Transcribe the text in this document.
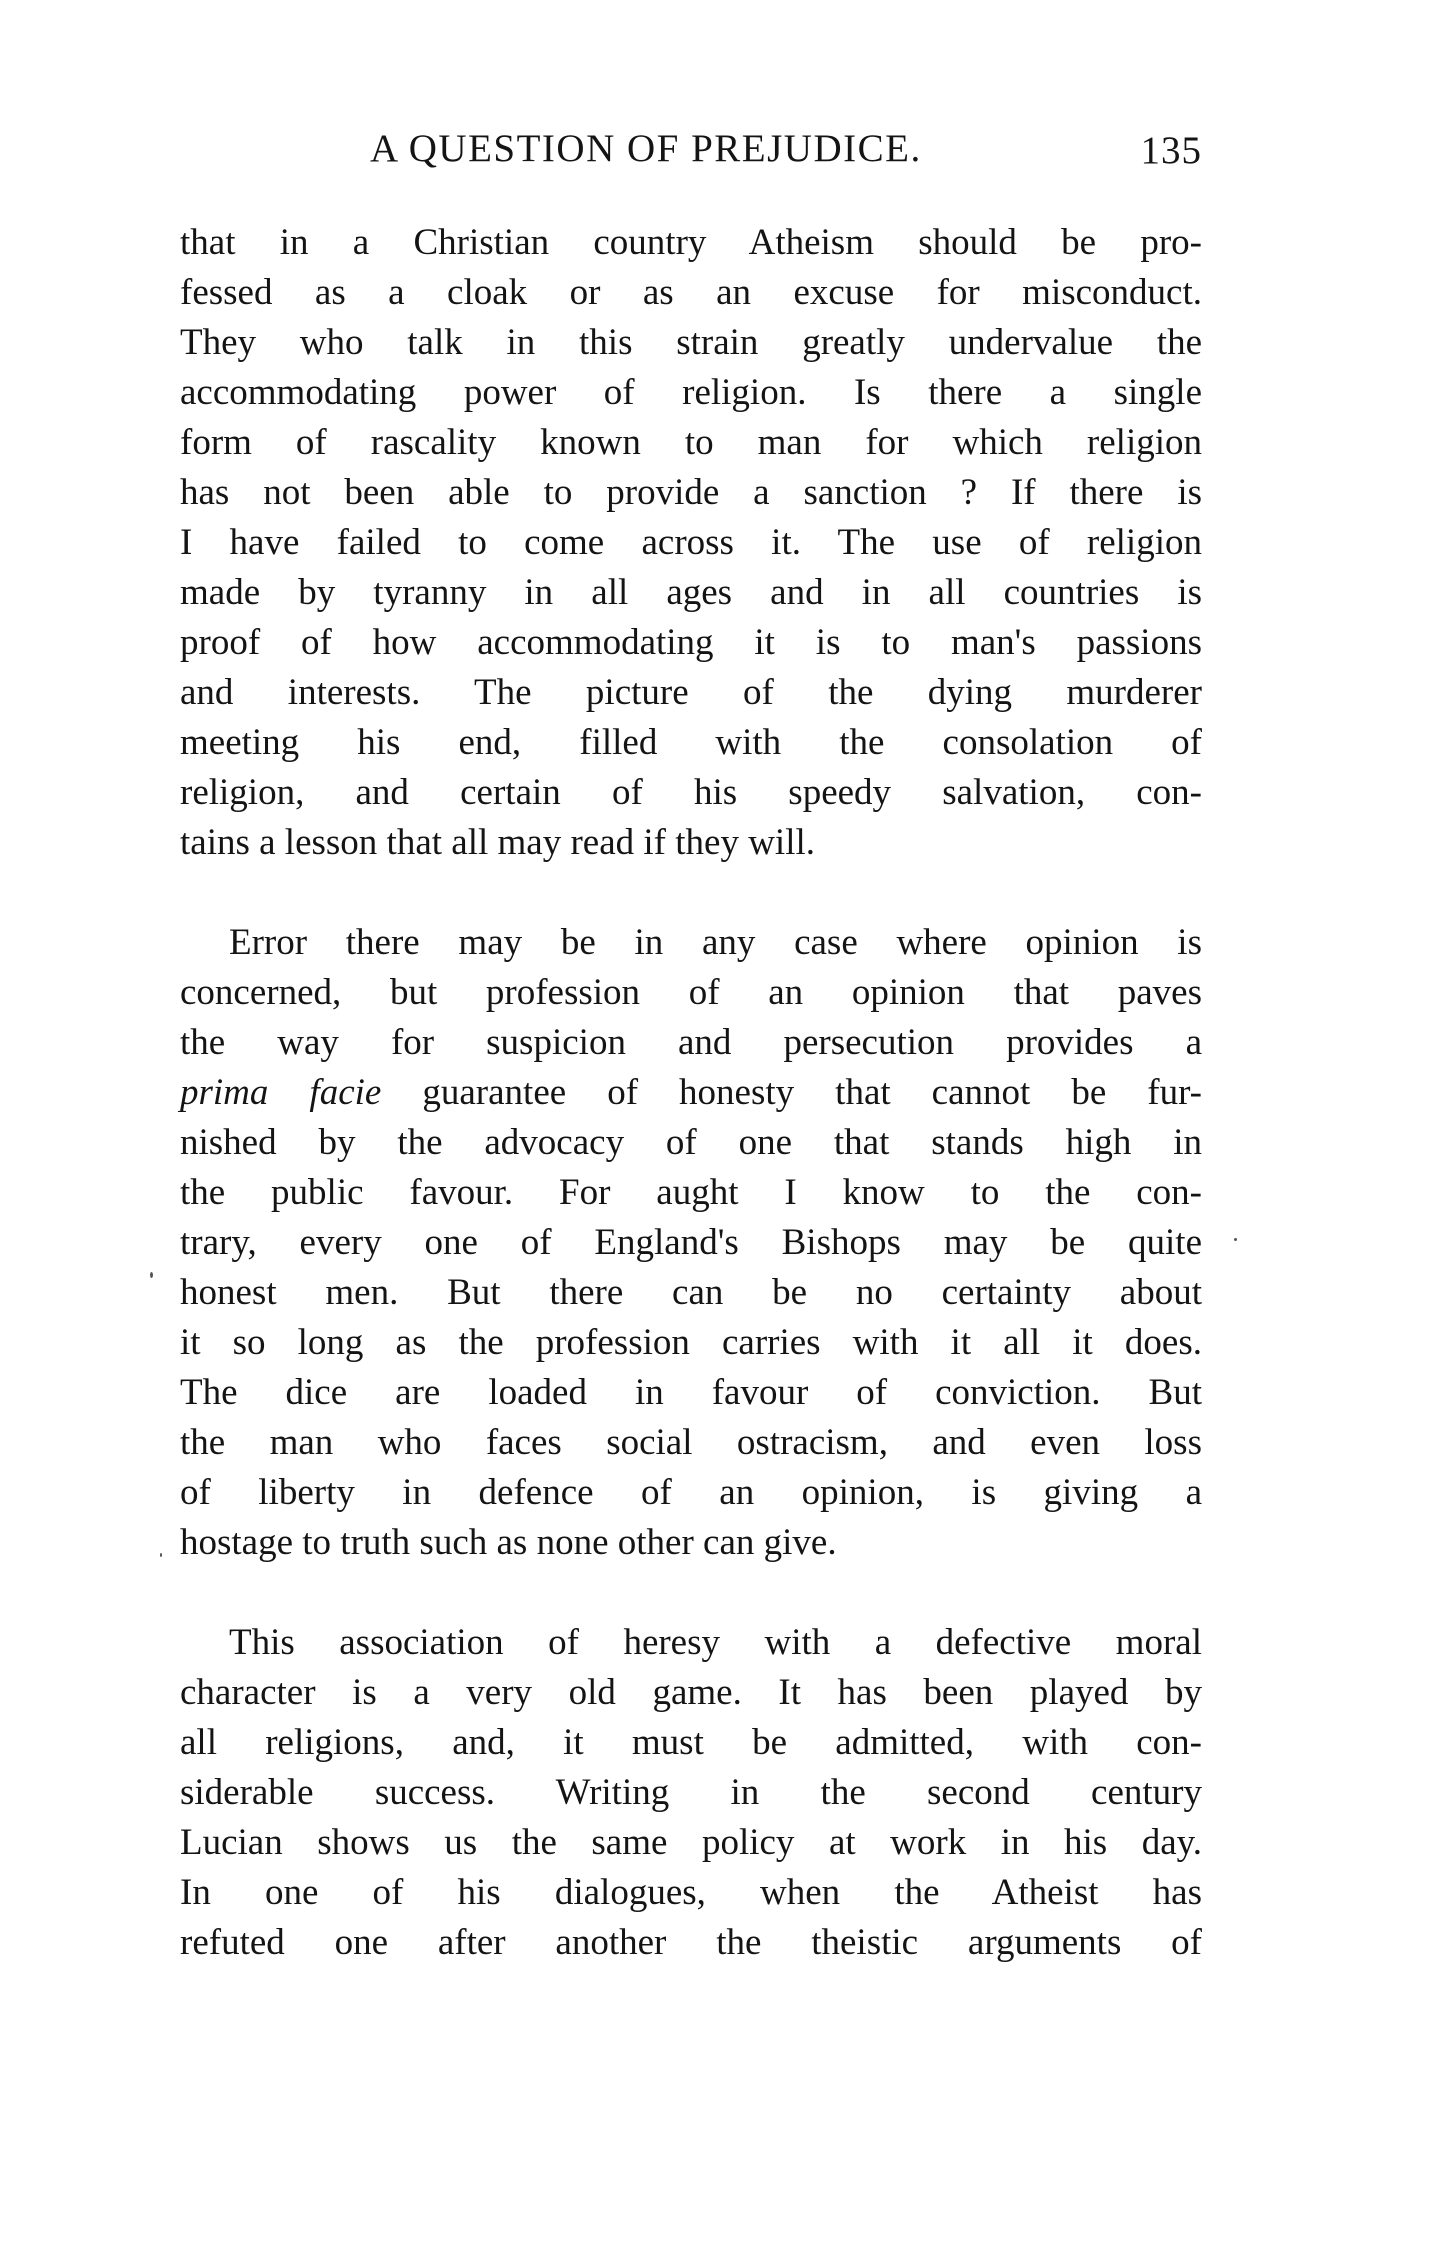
A QUESTION OF PREJUDICE.	135

that in a Christian country Atheism should be pro-
fessed as a cloak or as an excuse for misconduct.
They who talk in this strain greatly undervalue the
accommodating power of religion. Is there a single
form of rascality known to man for which religion
has not been able to provide a sanction ? If there is
I have failed to come across it. The use of religion
made by tyranny in all ages and in all countries is
proof of how accommodating it is to man's passions
and interests. The picture of the dying murderer
meeting his end, filled with the consolation of
religion, and certain of his speedy salvation, con-
tains a lesson that all may read if they will.

Error there may be in any case where opinion is
concerned, but profession of an opinion that paves
the way for suspicion and persecution provides a
prima facie guarantee of honesty that cannot be fur-
nished by the advocacy of one that stands high in
the public favour. For aught I know to the con-
trary, every one of England's Bishops may be quite
honest men. But there can be no certainty about
it so long as the profession carries with it all it does.
The dice are loaded in favour of conviction. But
the man who faces social ostracism, and even loss
of liberty in defence of an opinion, is giving a
hostage to truth such as none other can give.

This association of heresy with a defective moral
character is a very old game. It has been played by
all religions, and, it must be admitted, with con-
siderable success. Writing in the second century
Lucian shows us the same policy at work in his day.
In one of his dialogues, when the Atheist has
refuted one after another the theistic arguments of
